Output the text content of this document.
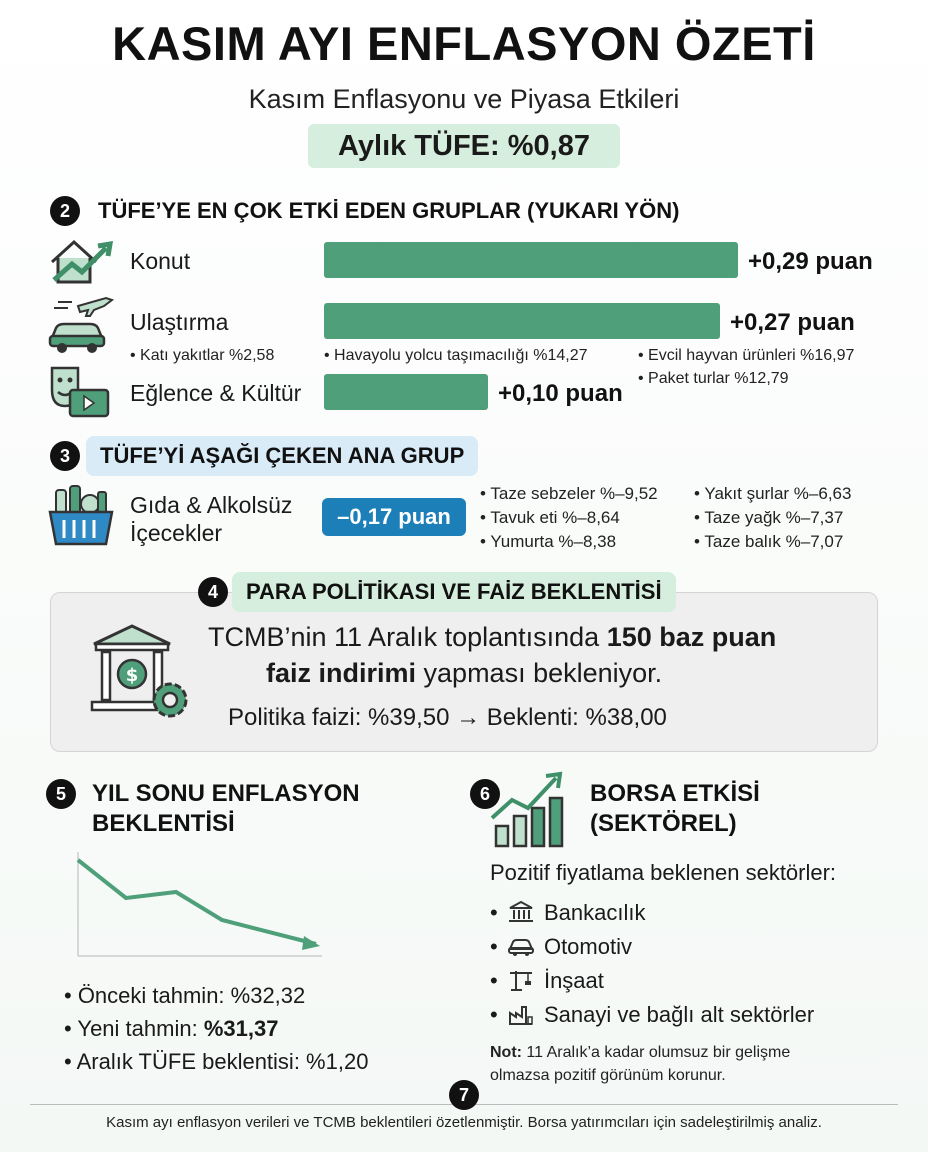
KASIM AYI ENFLASYON ÖZETİ
Kasım Enflasyonu ve Piyasa Etkileri
Aylık TÜFE: %0,87
2	TÜFE’YE EN ÇOK ETKİ EDEN GRUPLAR (YUKARI YÖN)
Konut	+0,29 puan
Ulaştırma	+0,27 puan
• Katı yakıtlar %2,58	• Havayolu yolcu taşımacılığı %14,27	• Evcil hayvan ürünleri %16,97
• Paket turlar %12,79
Eğlence & Kültür	+0,10 puan
3	TÜFE’Yİ AŞAĞI ÇEKEN ANA GRUP
Gıda & Alkolsüz
İçecekler
–0,17 puan
• Taze sebzeler %–9,52
• Tavuk eti %–8,64
• Yumurta %–8,38
• Yakıt şurlar %–6,63
• Taze yağk %–7,37
• Taze balık %–7,07
4	PARA POLİTİKASI VE FAİZ BEKLENTİSİ
$
TCMB’nin 11 Aralık toplantısında 150 baz puan
faiz indirimi yapması bekleniyor.
Politika faizi: %39,50 → Beklenti: %38,00
5	YIL SONU ENFLASYON
BEKLENTİSİ
• Önceki tahmin: %32,32
• Yeni tahmin: %31,37
• Aralık TÜFE beklentisi: %1,20
6	BORSA ETKİSİ
(SEKTÖREL)
Pozitif fiyatlama beklenen sektörler:
• Bankacılık
• Otomotiv
• İnşaat
• Sanayi ve bağlı alt sektörler
Not: 11 Aralık’a kadar olumsuz bir gelişme
olmazsa pozitif görünüm korunur.
7
Kasım ayı enflasyon verileri ve TCMB beklentileri özetlenmiştir. Borsa yatırımcıları için sadeleştirilmiş analiz.
